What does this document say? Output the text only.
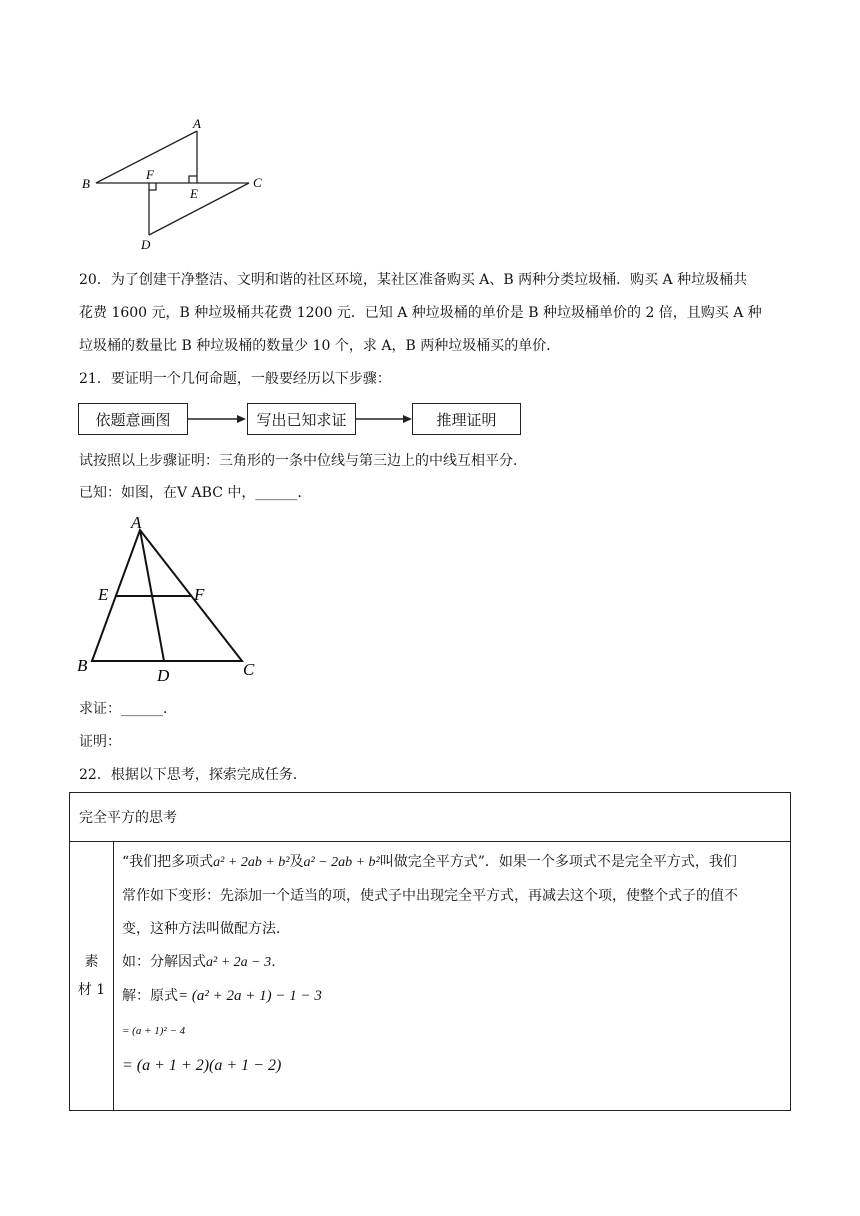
A
B	C
D
E
F
20．为了创建干净整洁、文明和谐的社区环境，某社区准备购买 A、B 两种分类垃圾桶．购买 A 种垃圾桶共
花费 1600 元，B 种垃圾桶共花费 1200 元．已知 A 种垃圾桶的单价是 B 种垃圾桶单价的 2 倍，且购买 A 种
垃圾桶的数量比 B 种垃圾桶的数量少 10 个，求 A，B 两种垃圾桶买的单价．
21．要证明一个几何命题，一般要经历以下步骤：
依题意画图	写出已知求证	推理证明
试按照以上步骤证明：三角形的一条中位线与第三边上的中线互相平分．
已知：如图，在V ABC 中，______．
A
B	C
D
E	F
求证：______．
证明：
22．根据以下思考，探索完成任务．
完全平方的思考

素
材 1

“我们把多项式a² + 2ab + b²及a² − 2ab + b²叫做完全平方式”．如果一个多项式不是完全平方式，我们

常作如下变形：先添加一个适当的项，使式子中出现完全平方式，再减去这个项，使整个式子的值不

变，这种方法叫做配方法．

如：分解因式a² + 2a − 3．

解：原式= (a² + 2a + 1) − 1 − 3

= (a + 1)² − 4

= (a + 1 + 2)(a + 1 − 2)
